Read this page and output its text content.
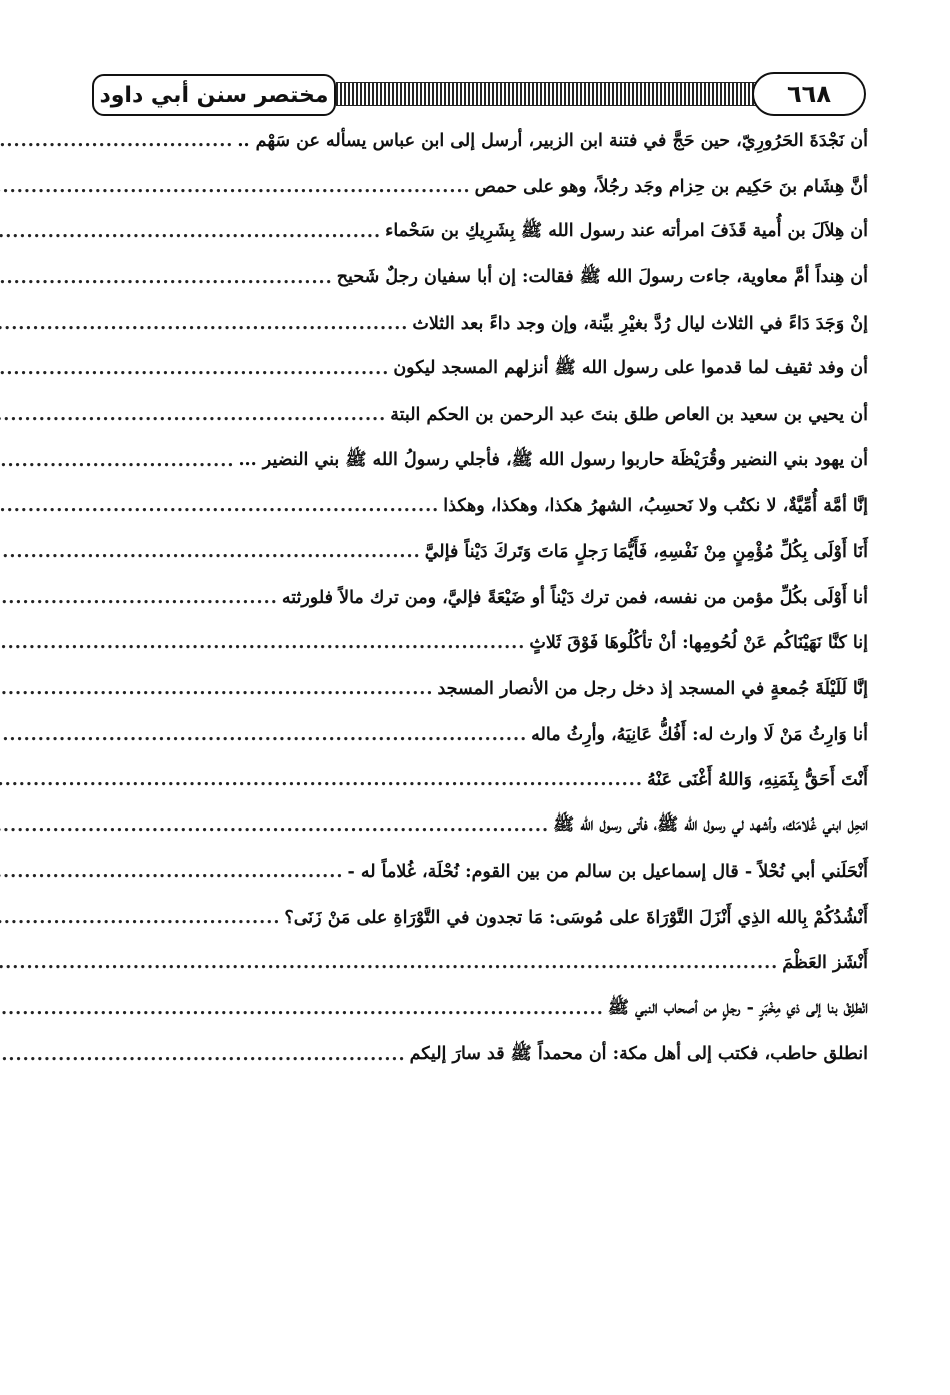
مختصر سنن أبي داود	٦٦٨
أن نَجْدَةَ الحَرُورِيّ، حين حَجَّ في فتنة ابن الزبير، أرسل إلى ابن عباس يسأله عن سَهْم ..
.....
أنَّ هِشَام بنَ حَكِيم بن حِزام وجَد رجُلاً، وهو على حمص
.....
أن هِلاَلَ بن أُمية قَذَفَ امرأته عند رسول الله ﷺ بِشَرِيكِ بن سَحْماء
.....
أن هِنداً أمَّ معاوية، جاءت رسولَ الله ﷺ فقالت: إن أبا سفيان رجلٌ شَحيح
.....
إنْ وَجَدَ دَاءً في الثلاث ليال رُدَّ بغيْرِ بيِّنة، وإن وجد داءً بعد الثلاث
.....
أن وفد ثقيف لما قدموا على رسول الله ﷺ أنزلهم المسجد ليكون
.....
أن يحيي بن سعيد بن العاص طلق بنتَ عبد الرحمن بن الحكم البتة
.....
أن يهود بني النضير وقُرَيْظَة حاربوا رسول الله ﷺ، فأجلي رسولُ الله ﷺ بني النضير ...
.....
إنَّا أمَّة أُمِّيَّةٌ، لا نكتُب ولا نَحسِبُ، الشهرُ هكذا، وهكذا، وهكذا
.....
أَنَا أَوْلَى بِكُلِّ مُؤْمِنٍ مِنْ نَفْسِهِ، فَأَيُّمَا رَجلٍ مَاتَ وَتَركَ دَيْناً فإليَّ
.....
أنا أَوْلَى بكُلِّ مؤمن من نفسه، فمن ترك دَيْناً أو ضَيْعَةً فإليَّ، ومن ترك مالاً فلورثته
.....
إنا كنَّا نَهَيْنَاكُم عَنْ لُحُومِها: أنْ تأكُلُوهَا فَوْقَ ثَلاثٍ
.....
إنَّا لَلَيْلَةَ جُمعةٍ في المسجد إذ دخل رجل من الأنصار المسجد
.....
أنا وَارِثُ مَنْ لَا وارث له: أَفُكُّ عَانِيَهُ، وأرِثُ ماله
.....
أَنْتَ أَحَقُّ بِثَمَنِهِ، وَاللهُ أَغْنَى عَنْهُ
.....
انحِل ابني غُلامَك، وأشهد لي رسول الله ﷺ، فأتى رسول الله ﷺ
.....
أَنْحَلَني أبي نُحْلاً - قال إسماعيل بن سالم من بين القوم: نُحْلَة، غُلاماً له -
.....
أَنْشُدُكُمْ بِالله الذِي أَنْزَلَ التَّوْرَاةَ على مُوسَى: مَا تجدون في التَّوْرَاةِ على مَنْ زَنَى؟
.....
أَنْشَز العَظْمَ
.....
انْطلِقْ بنا إلى ذي مِخْبَرٍ - رجلٍ من أصحاب النبي ﷺ
.....
انطلق حاطب، فكتب إلى أهل مكة: أن محمداً ﷺ قد سارَ إليكم
.....
